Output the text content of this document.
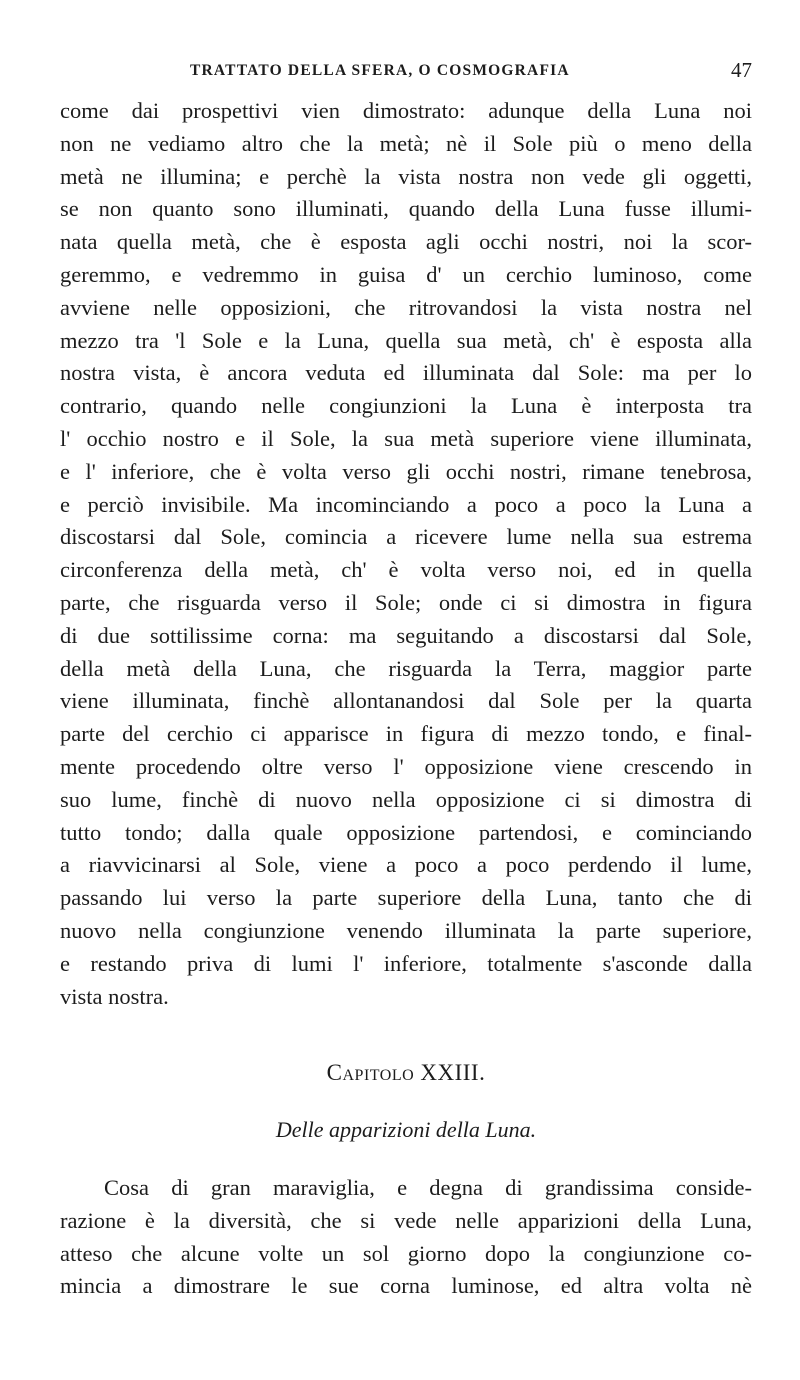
TRATTATO DELLA SFERA, O COSMOGRAFIA	47
come dai prospettivi vien dimostrato: adunque della Luna noi
non ne vediamo altro che la metà; nè il Sole più o meno della
metà ne illumina; e perchè la vista nostra non vede gli oggetti,
se non quanto sono illuminati, quando della Luna fusse illumi-
nata quella metà, che è esposta agli occhi nostri, noi la scor-
geremmo, e vedremmo in guisa d' un cerchio luminoso, come
avviene nelle opposizioni, che ritrovandosi la vista nostra nel
mezzo tra 'l Sole e la Luna, quella sua metà, ch' è esposta alla
nostra vista, è ancora veduta ed illuminata dal Sole: ma per lo
contrario, quando nelle congiunzioni la Luna è interposta tra
l' occhio nostro e il Sole, la sua metà superiore viene illuminata,
e l' inferiore, che è volta verso gli occhi nostri, rimane tenebrosa,
e perciò invisibile. Ma incominciando a poco a poco la Luna a
discostarsi dal Sole, comincia a ricevere lume nella sua estrema
circonferenza della metà, ch' è volta verso noi, ed in quella
parte, che risguarda verso il Sole; onde ci si dimostra in figura
di due sottilissime corna: ma seguitando a discostarsi dal Sole,
della metà della Luna, che risguarda la Terra, maggior parte
viene illuminata, finchè allontanandosi dal Sole per la quarta
parte del cerchio ci apparisce in figura di mezzo tondo, e final-
mente procedendo oltre verso l' opposizione viene crescendo in
suo lume, finchè di nuovo nella opposizione ci si dimostra di
tutto tondo; dalla quale opposizione partendosi, e cominciando
a riavvicinarsi al Sole, viene a poco a poco perdendo il lume,
passando lui verso la parte superiore della Luna, tanto che di
nuovo nella congiunzione venendo illuminata la parte superiore,
e restando priva di lumi l' inferiore, totalmente s'asconde dalla
vista nostra.
Capitolo XXIII.
Delle apparizioni della Luna.
Cosa di gran maraviglia, e degna di grandissima conside-
razione è la diversità, che si vede nelle apparizioni della Luna,
atteso che alcune volte un sol giorno dopo la congiunzione co-
mincia a dimostrare le sue corna luminose, ed altra volta nè
